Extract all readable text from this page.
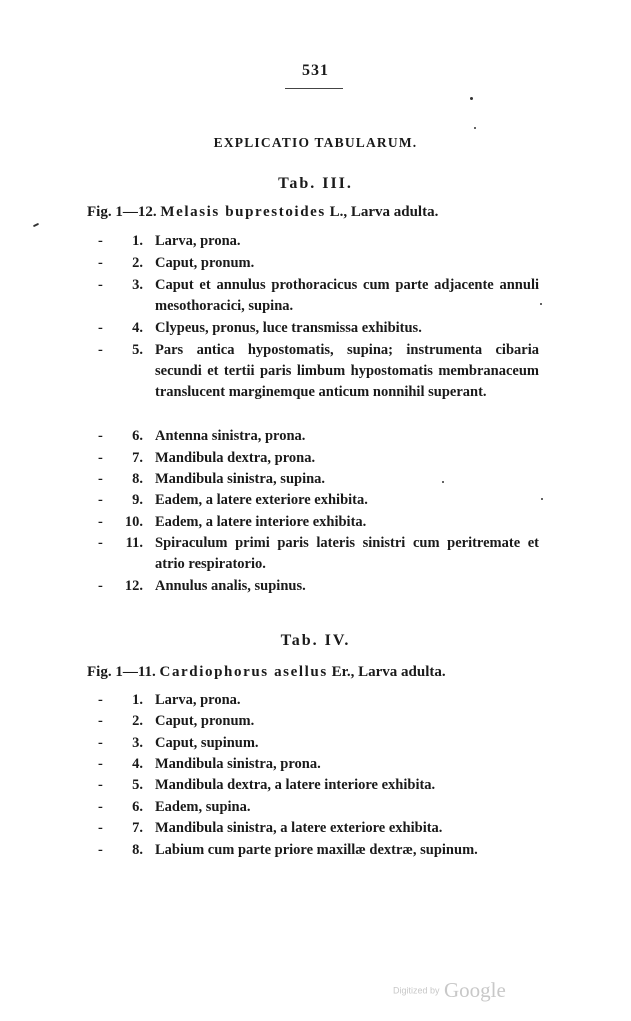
531
EXPLICATIO TABULARUM.
Tab. III.
Fig. 1—12. Melasis buprestoides L., Larva adulta.
-	1. Larva, prona.
-	2. Caput, pronum.
-	3. Caput et annulus prothoracicus cum parte adjacente annuli mesothoracici, supina.
-	4. Clypeus, pronus, luce transmissa exhibitus.
-	5. Pars antica hypostomatis, supina; instrumenta cibaria secundi et tertii paris limbum hypostomatis membranaceum translucent marginemque anticum nonnihil superant.
-	6. Antenna sinistra, prona.
-	7. Mandibula dextra, prona.
-	8. Mandibula sinistra, supina.
-	9. Eadem, a latere exteriore exhibita.
-	10. Eadem, a latere interiore exhibita.
-	11. Spiraculum primi paris lateris sinistri cum peritremate et atrio respiratorio.
-	12. Annulus analis, supinus.
Tab. IV.
Fig. 1—11. Cardiophorus asellus Er., Larva adulta.
-	1. Larva, prona.
-	2. Caput, pronum.
-	3. Caput, supinum.
-	4. Mandibula sinistra, prona.
-	5. Mandibula dextra, a latere interiore exhibita.
-	6. Eadem, supina.
-	7. Mandibula sinistra, a latere exteriore exhibita.
-	8. Labium cum parte priore maxillæ dextræ, supinum.
Digitized by Google
